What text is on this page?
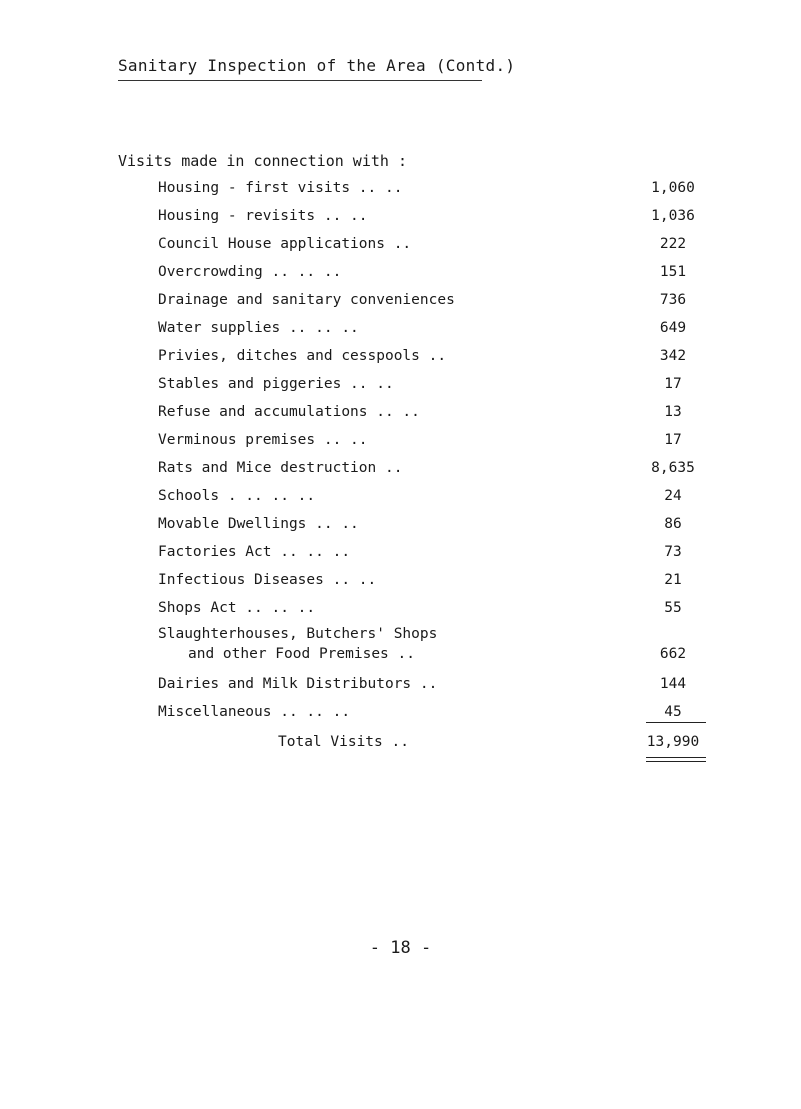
Sanitary Inspection of the Area (Contd.)
Visits made in connection with :
Housing - first visits .. ..	1,060
Housing - revisits .. ..	1,036
Council House applications ..	222
Overcrowding .. .. ..	151
Drainage and sanitary conveniences	736
Water supplies .. .. ..	649
Privies, ditches and cesspools ..	342
Stables and piggeries .. ..	17
Refuse and accumulations .. ..	13
Verminous premises .. ..	17
Rats and Mice destruction ..	8,635
Schools . .. .. ..	24
Movable Dwellings .. ..	86
Factories Act .. .. ..	73
Infectious Diseases .. ..	21
Shops Act .. .. ..	55
Slaughterhouses, Butchers' Shops
and other Food Premises ..	662
Dairies and Milk Distributors ..	144
Miscellaneous .. .. ..	45
Total Visits ..	13,990
- 18 -
